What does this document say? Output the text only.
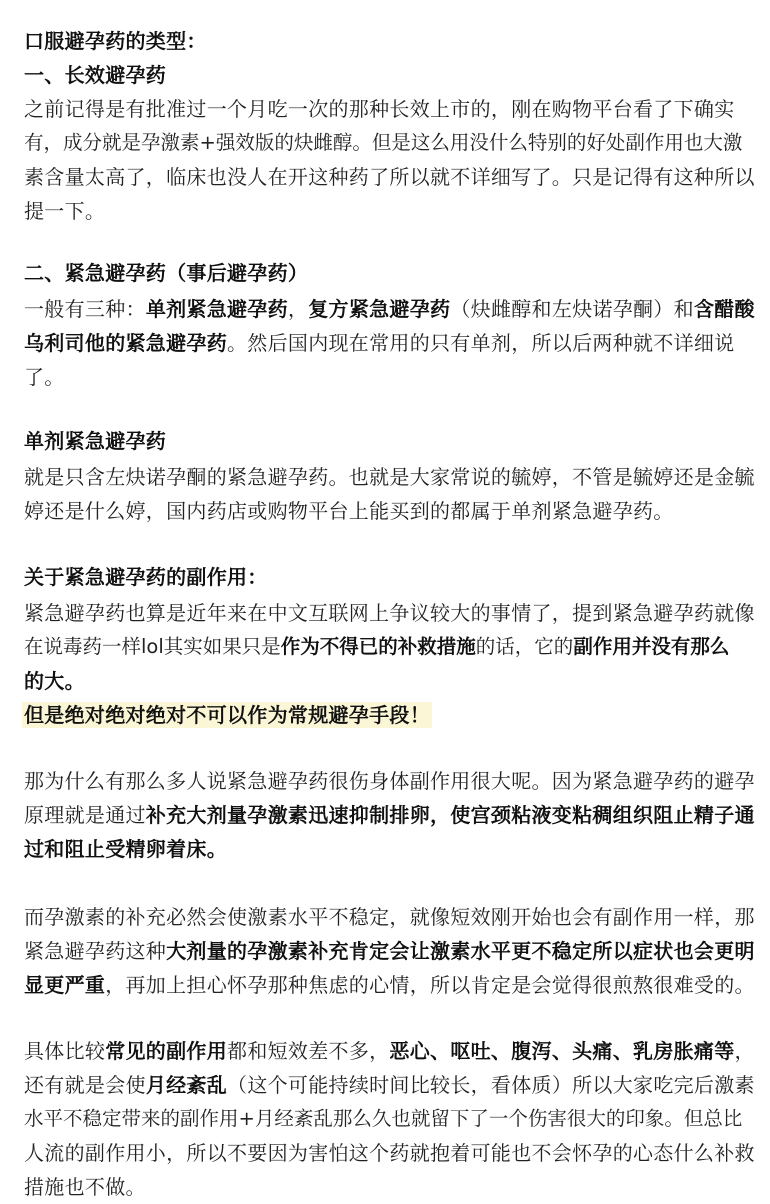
口服避孕药的类型：
一、长效避孕药
之前记得是有批准过一个月吃一次的那种长效上市的，刚在购物平台看了下确实
有，成分就是孕激素+强效版的炔雌醇。但是这么用没什么特别的好处副作用也大激
素含量太高了，临床也没人在开这种药了所以就不详细写了。只是记得有这种所以
提一下。
二、紧急避孕药（事后避孕药）
一般有三种：单剂紧急避孕药，复方紧急避孕药（炔雌醇和左炔诺孕酮）和含醋酸
乌利司他的紧急避孕药。然后国内现在常用的只有单剂，所以后两种就不详细说
了。
单剂紧急避孕药
就是只含左炔诺孕酮的紧急避孕药。也就是大家常说的毓婷，不管是毓婷还是金毓
婷还是什么婷，国内药店或购物平台上能买到的都属于单剂紧急避孕药。
关于紧急避孕药的副作用：
紧急避孕药也算是近年来在中文互联网上争议较大的事情了，提到紧急避孕药就像
在说毒药一样lol其实如果只是作为不得已的补救措施的话，它的副作用并没有那么
的大。
但是绝对绝对绝对不可以作为常规避孕手段！
那为什么有那么多人说紧急避孕药很伤身体副作用很大呢。因为紧急避孕药的避孕
原理就是通过补充大剂量孕激素迅速抑制排卵，使宫颈粘液变粘稠组织阻止精子通
过和阻止受精卵着床。
而孕激素的补充必然会使激素水平不稳定，就像短效刚开始也会有副作用一样，那
紧急避孕药这种大剂量的孕激素补充肯定会让激素水平更不稳定所以症状也会更明
显更严重，再加上担心怀孕那种焦虑的心情，所以肯定是会觉得很煎熬很难受的。
具体比较常见的副作用都和短效差不多，恶心、呕吐、腹泻、头痛、乳房胀痛等，
还有就是会使月经紊乱（这个可能持续时间比较长，看体质）所以大家吃完后激素
水平不稳定带来的副作用+月经紊乱那么久也就留下了一个伤害很大的印象。但总比
人流的副作用小，所以不要因为害怕这个药就抱着可能也不会怀孕的心态什么补救
措施也不做。
